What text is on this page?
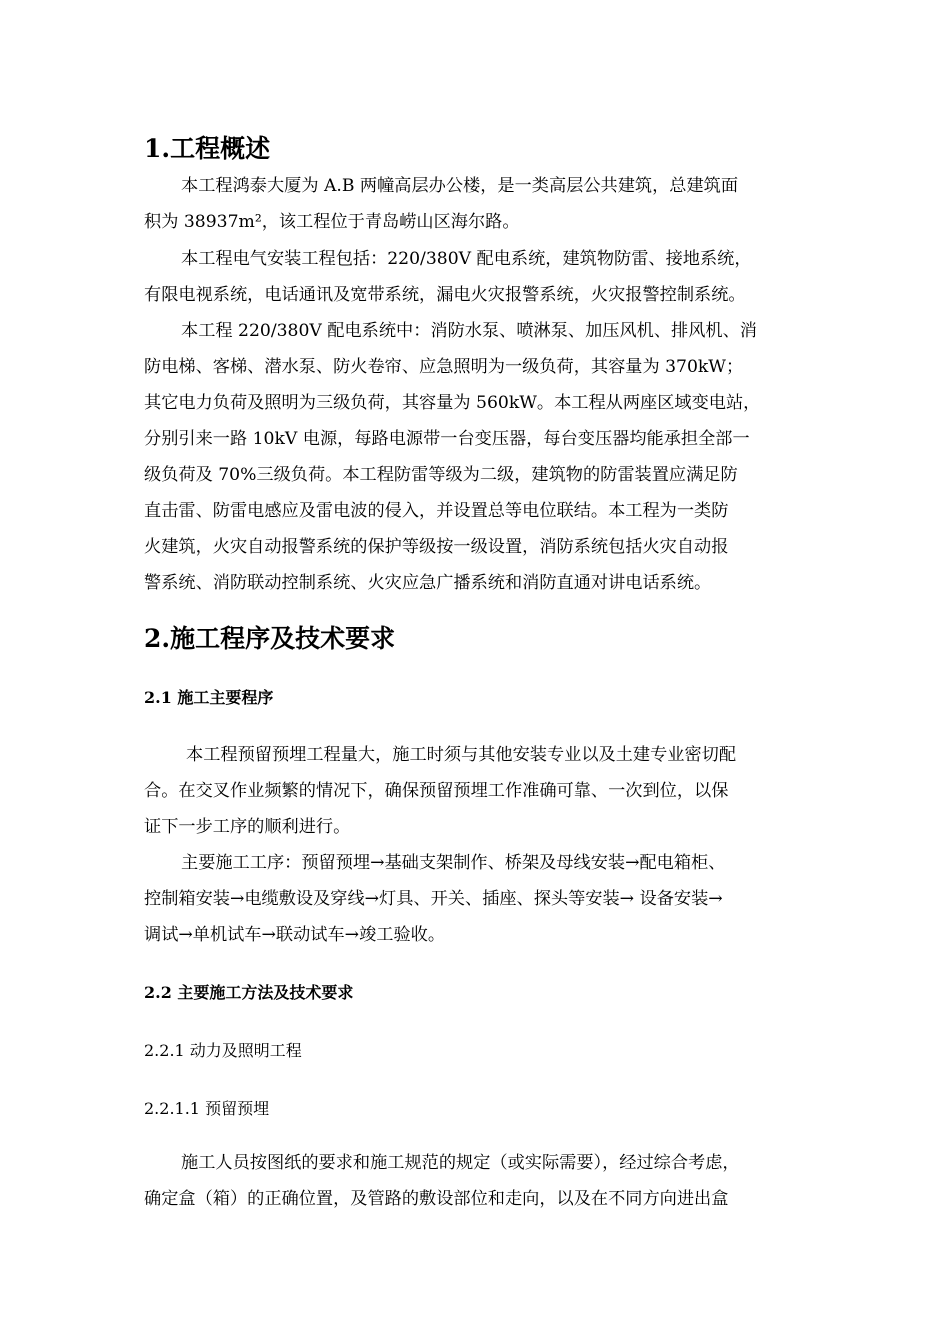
1.工程概述
本工程鸿泰大厦为 A.B 两幢高层办公楼，是一类高层公共建筑，总建筑面
积为 38937m²，该工程位于青岛崂山区海尔路。
本工程电气安装工程包括：220/380V 配电系统，建筑物防雷、接地系统，
有限电视系统，电话通讯及宽带系统，漏电火灾报警系统，火灾报警控制系统。
本工程 220/380V 配电系统中：消防水泵、喷淋泵、加压风机、排风机、消
防电梯、客梯、潜水泵、防火卷帘、应急照明为一级负荷，其容量为 370kW；
其它电力负荷及照明为三级负荷，其容量为 560kW。本工程从两座区域变电站，
分别引来一路 10kV 电源，每路电源带一台变压器，每台变压器均能承担全部一
级负荷及 70%三级负荷。本工程防雷等级为二级，建筑物的防雷装置应满足防
直击雷、防雷电感应及雷电波的侵入，并设置总等电位联结。本工程为一类防
火建筑，火灾自动报警系统的保护等级按一级设置，消防系统包括火灾自动报
警系统、消防联动控制系统、火灾应急广播系统和消防直通对讲电话系统。
2.施工程序及技术要求
2.1 施工主要程序
本工程预留预埋工程量大，施工时须与其他安装专业以及土建专业密切配
合。在交叉作业频繁的情况下，确保预留预埋工作准确可靠、一次到位，以保
证下一步工序的顺利进行。
主要施工工序：预留预埋→基础支架制作、桥架及母线安装→配电箱柜、
控制箱安装→电缆敷设及穿线→灯具、开关、插座、探头等安装→ 设备安装→
调试→单机试车→联动试车→竣工验收。
2.2 主要施工方法及技术要求
2.2.1 动力及照明工程
2.2.1.1 预留预埋
施工人员按图纸的要求和施工规范的规定（或实际需要），经过综合考虑，
确定盒（箱）的正确位置，及管路的敷设部位和走向，以及在不同方向进出盒
